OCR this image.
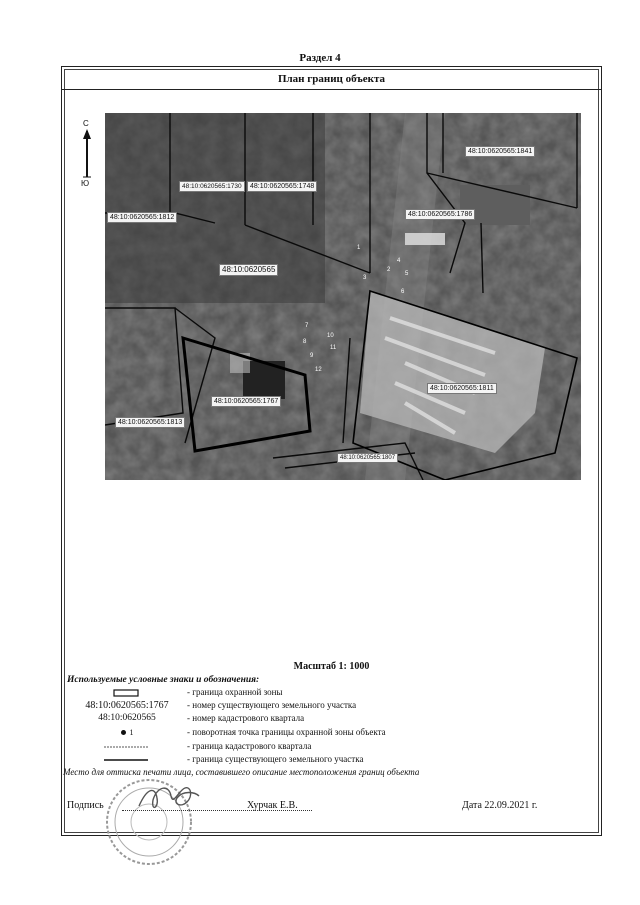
Раздел 4
План границ объекта
С
Ю
48:10:0620565:1812
48:10:0620565:1730	48:10:0620565:1748
48:10:0620565:1786
48:10:0620565:1841
48:10:0620565
48:10:0620565:1767
48:10:0620565:1811
48:10:0620565:1813
48:10:0620565:1807
1
2
3
4
5
6
7
8
9
10
11
12
Масштаб 1: 1000
Используемые условные знаки и обозначения:
- граница охранной зоны
48:10:0620565:1767	- номер существующего земельного участка
48:10:0620565	- номер кадастрового квартала
1	- поворотная точка границы охранной зоны объекта
- граница кадастрового квартала
- граница существующего земельного участка
Место для оттиска печати лица, составившего описание местоположения границ объекта
Подпись	Хурчак Е.В.	Дата 22.09.2021 г.
